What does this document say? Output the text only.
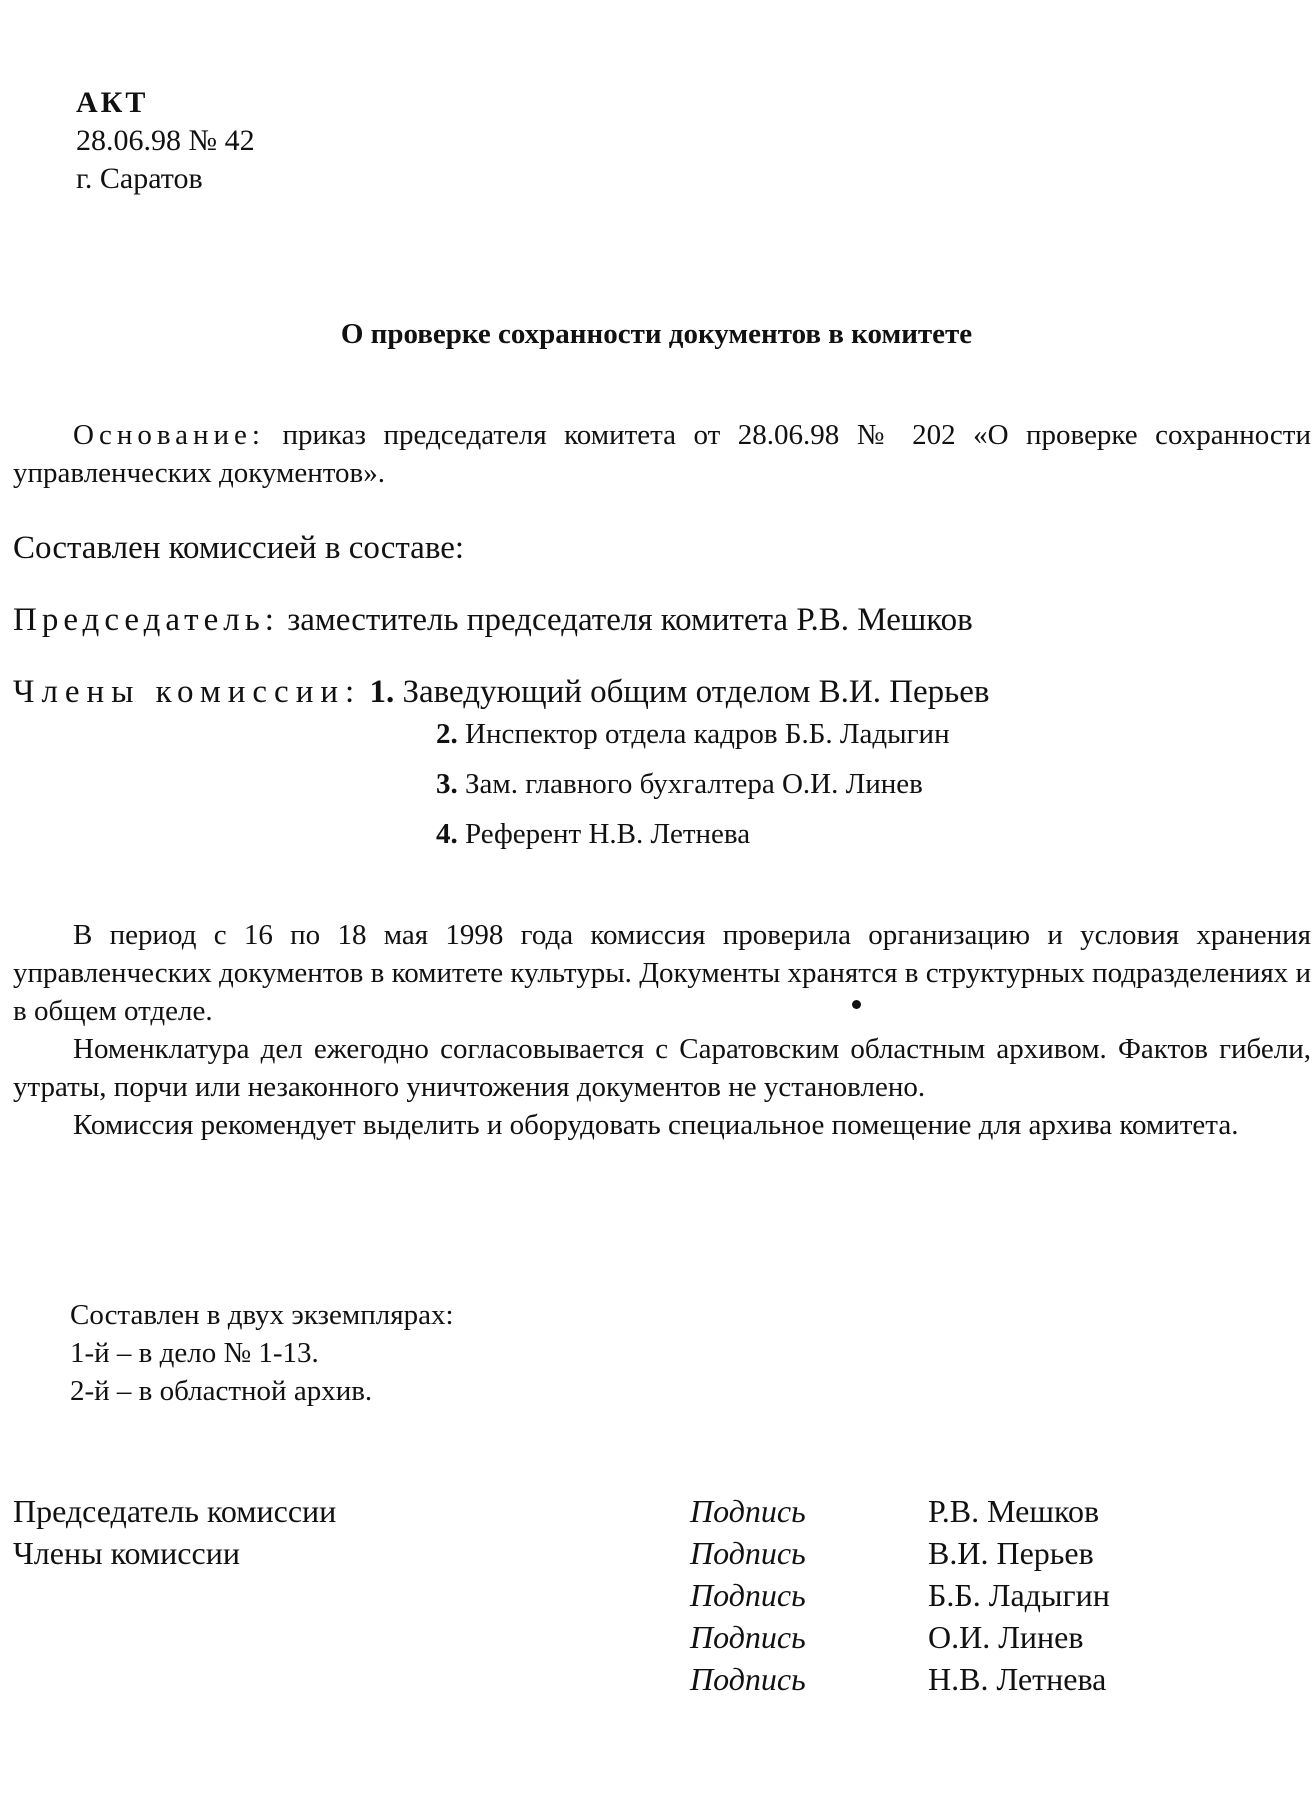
АКТ
28.06.98 № 42
г. Саратов
О проверке сохранности документов в комитете
Основание: приказ председателя комитета от 28.06.98 № 202 «О проверке сохранности управленческих документов».
Составлен комиссией в составе:
Председатель: заместитель председателя комитета Р.В. Мешков
Члены комиссии: 1. Заведующий общим отделом В.И. Перьев
2. Инспектор отдела кадров Б.Б. Ладыгин
3. Зам. главного бухгалтера О.И. Линев
4. Референт Н.В. Летнева

В период с 16 по 18 мая 1998 года комиссия проверила организацию и условия хранения управленческих документов в комитете культуры. Документы хранятся в структурных подразделениях и в общем отделе.

Номенклатура дел ежегодно согласовывается с Саратовским областным архивом. Фактов гибели, утраты, порчи или незаконного уничтожения документов не установлено.

Комиссия рекомендует выделить и оборудовать специальное помещение для архива комитета.

Составлен в двух экземплярах:
1-й – в дело № 1-13.
2-й – в областной архив.
Председатель комиссии
Члены комиссии
Подпись
Подпись
Подпись
Подпись
Подпись
Р.В. Мешков
В.И. Перьев
Б.Б. Ладыгин
О.И. Линев
Н.В. Летнева
